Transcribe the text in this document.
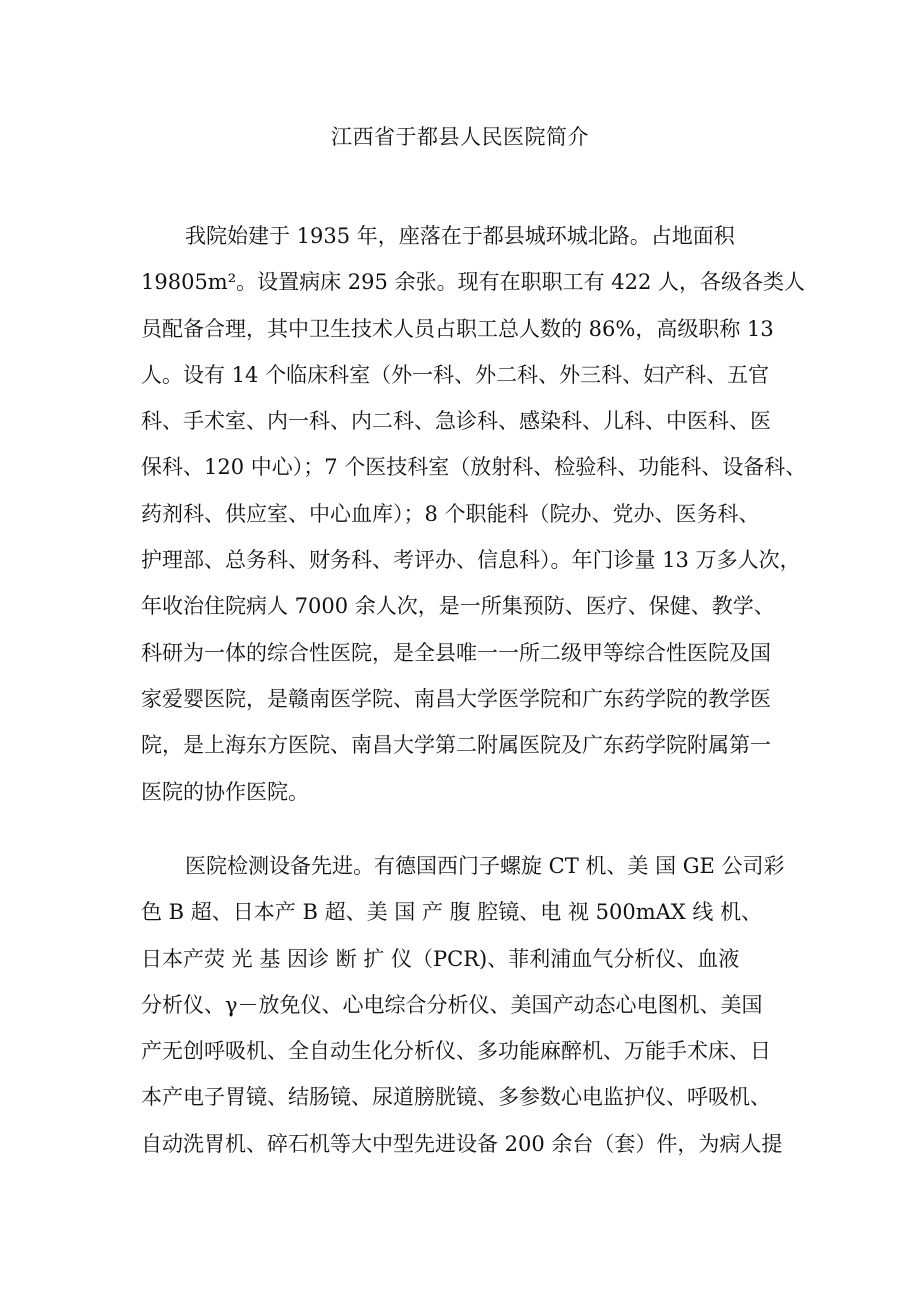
江西省于都县人民医院简介
我院始建于 1935 年，座落在于都县城环城北路。占地面积
19805m²。设置病床 295 余张。现有在职职工有 422 人，各级各类人
员配备合理，其中卫生技术人员占职工总人数的 86%，高级职称 13
人。设有 14 个临床科室（外一科、外二科、外三科、妇产科、五官
科、手术室、内一科、内二科、急诊科、感染科、儿科、中医科、医
保科、120 中心）；7 个医技科室（放射科、检验科、功能科、设备科、
药剂科、供应室、中心血库）；8 个职能科（院办、党办、医务科、
护理部、总务科、财务科、考评办、信息科）。年门诊量 13 万多人次，
年收治住院病人 7000 余人次，是一所集预防、医疗、保健、教学、
科研为一体的综合性医院，是全县唯一一所二级甲等综合性医院及国
家爱婴医院，是赣南医学院、南昌大学医学院和广东药学院的教学医
院，是上海东方医院、南昌大学第二附属医院及广东药学院附属第一
医院的协作医院。
医院检测设备先进。有德国西门子螺旋 CT 机、美 国 GE 公司彩
色 B 超、日本产 B 超、美 国 产 腹 腔镜、电 视 500mAX 线 机、
日本产荧 光 基 因诊 断 扩 仪（PCR)、菲利浦血气分析仪、血液
分析仪、γ－放免仪、心电综合分析仪、美国产动态心电图机、美国
产无创呼吸机、全自动生化分析仪、多功能麻醉机、万能手术床、日
本产电子胃镜、结肠镜、尿道膀胱镜、多参数心电监护仪、呼吸机、
自动洗胃机、碎石机等大中型先进设备 200 余台（套）件，为病人提
